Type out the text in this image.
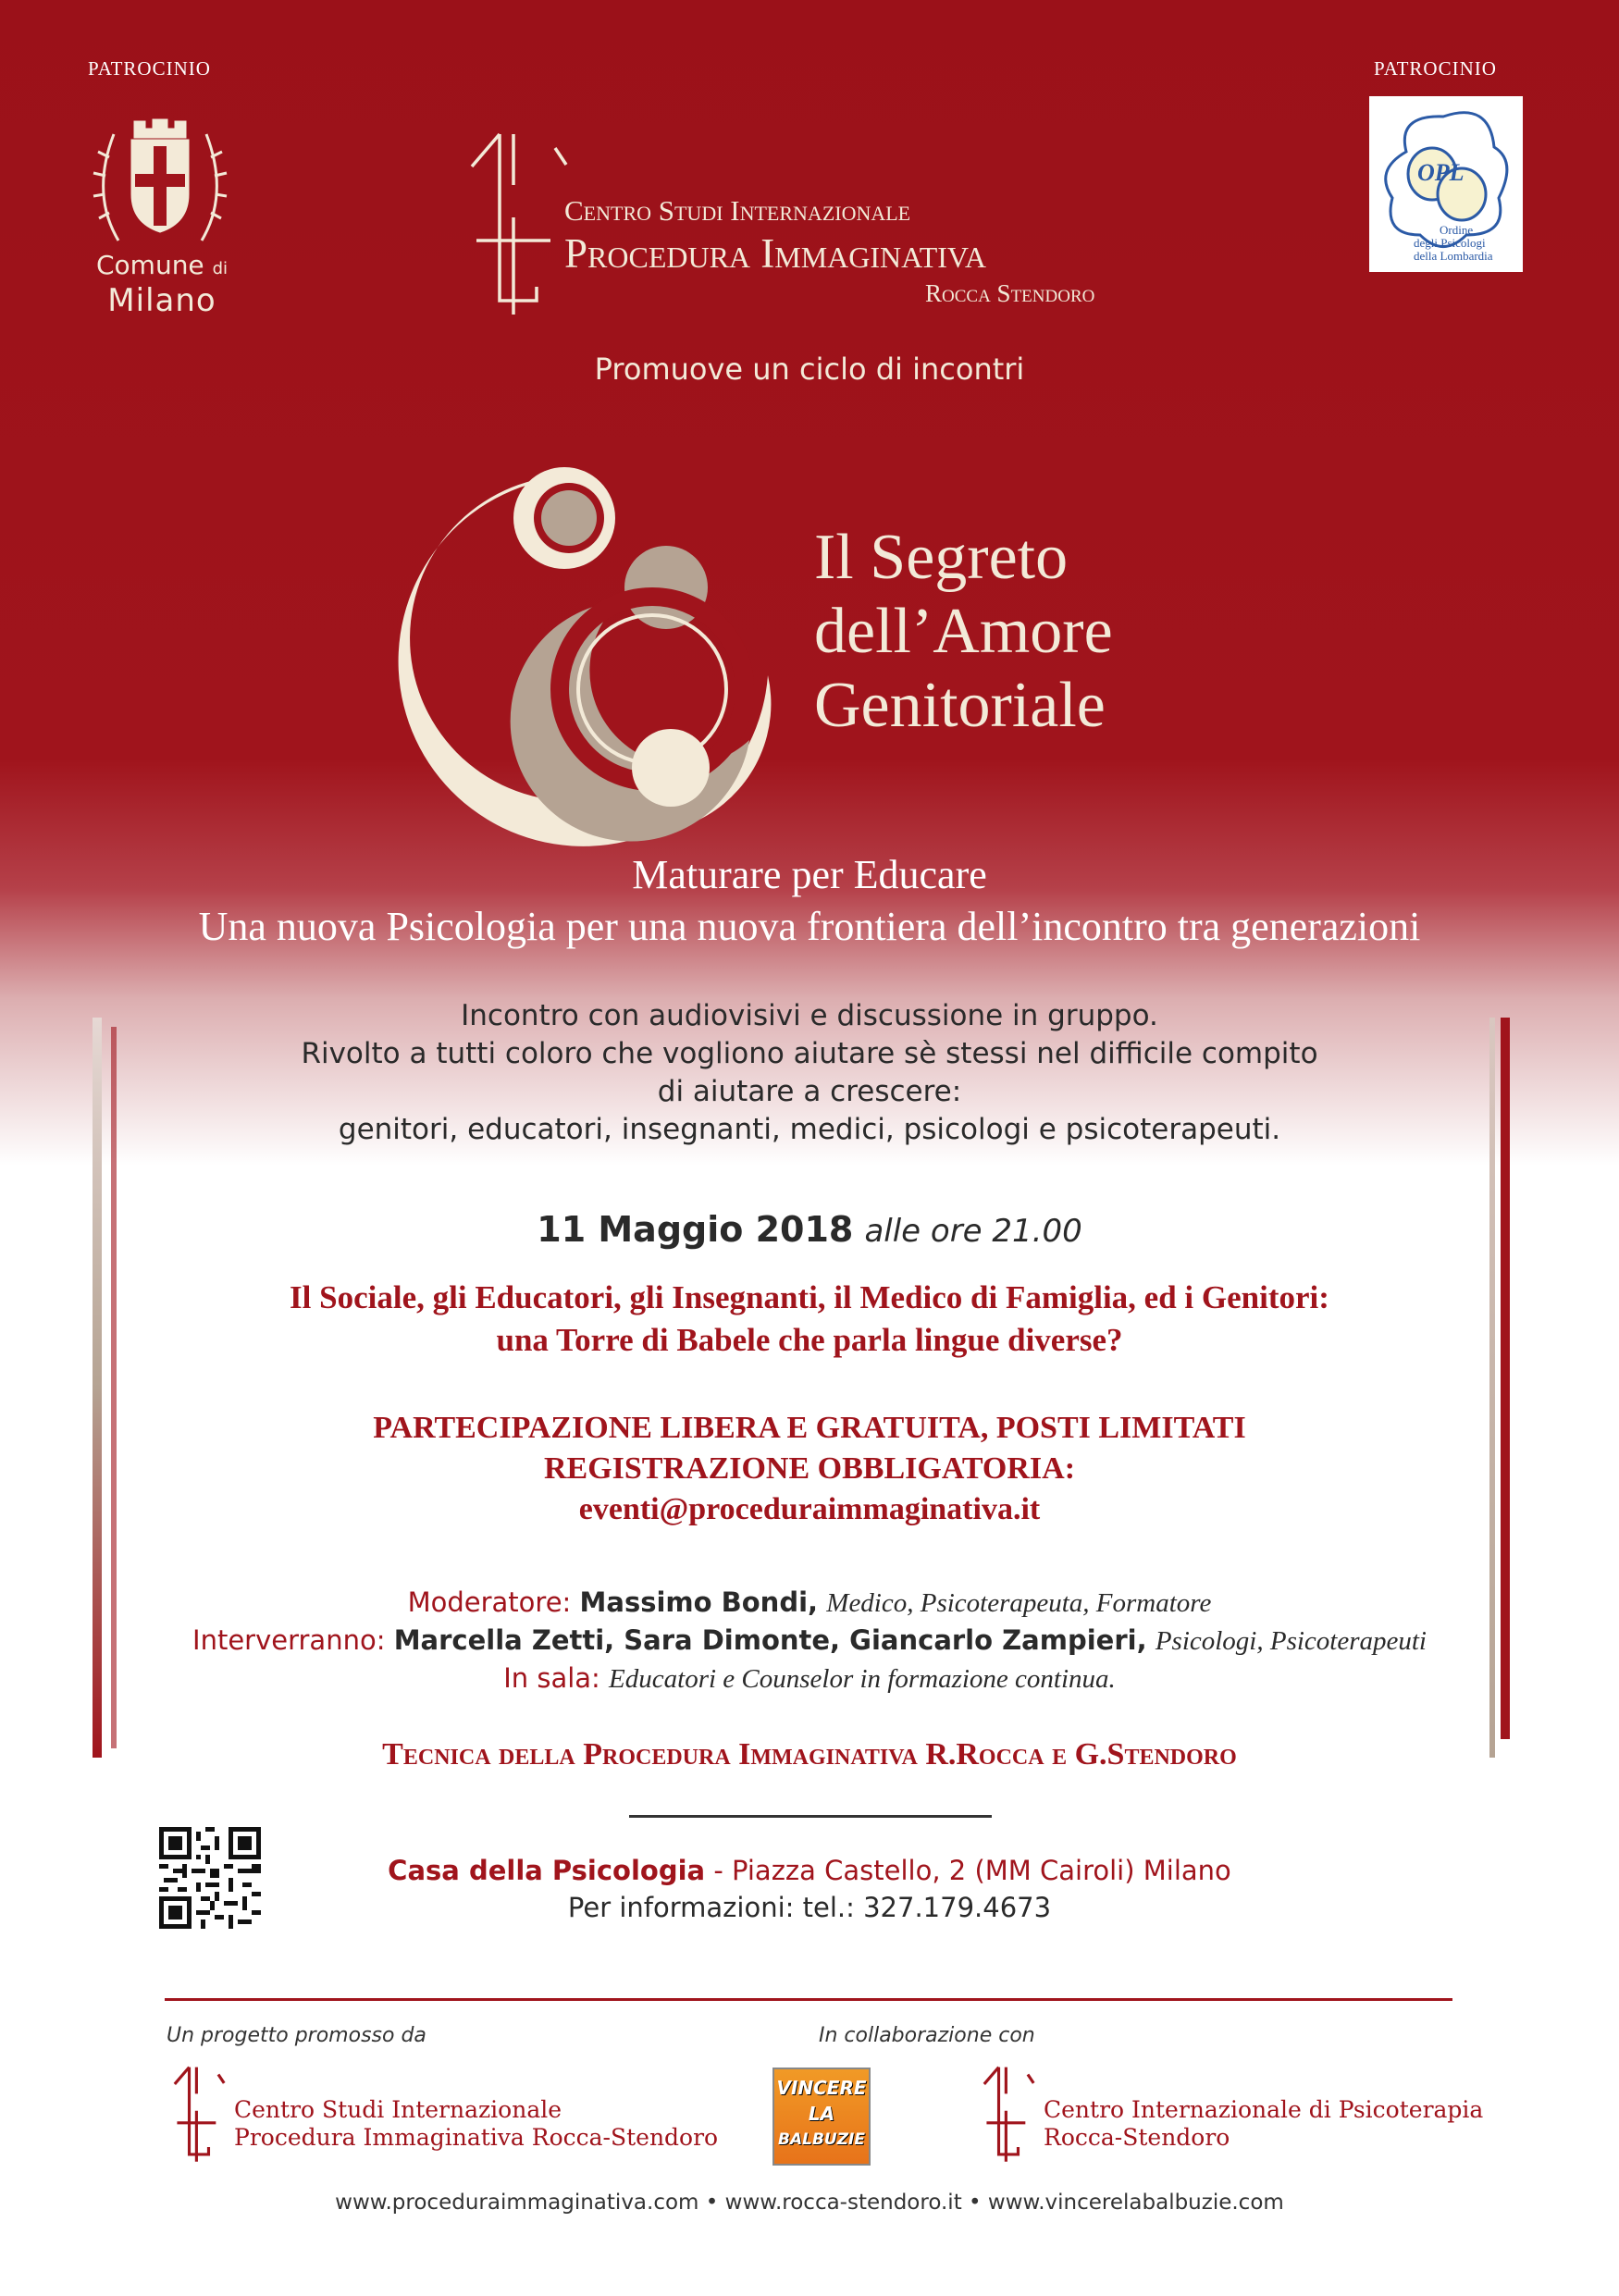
PATROCINIO	PATROCINIO
Comune di
Milano
Centro Studi Internazionale
Procedura Immaginativa
Rocca Stendoro
OPL
Ordine
degli Psicologi
della Lombardia
Promuove un ciclo di incontri
Il Segreto
dell’Amore
Genitoriale
Maturare per Educare
Una nuova Psicologia per una nuova frontiera dell’incontro tra generazioni
Incontro con audiovisivi e discussione in gruppo.
Rivolto a tutti coloro che vogliono aiutare sè stessi nel difficile compito
di aiutare a crescere:
genitori, educatori, insegnanti, medici, psicologi e psicoterapeuti.
11 Maggio 2018 alle ore 21.00
Il Sociale, gli Educatori, gli Insegnanti, il Medico di Famiglia, ed i Genitori:
una Torre di Babele che parla lingue diverse?
PARTECIPAZIONE LIBERA E GRATUITA, POSTI LIMITATI
REGISTRAZIONE OBBLIGATORIA:
eventi@proceduraimmaginativa.it
Moderatore: Massimo Bondi, Medico, Psicoterapeuta, Formatore
Interverranno: Marcella Zetti, Sara Dimonte, Giancarlo Zampieri, Psicologi, Psicoterapeuti
In sala: Educatori e Counselor in formazione continua.
Tecnica della Procedura Immaginativa R.Rocca e G.Stendoro
Casa della Psicologia - Piazza Castello, 2 (MM Cairoli) Milano
Per informazioni: tel.: 327.179.4673
Un progetto promosso da	In collaborazione con
Centro Studi Internazionale
Procedura Immaginativa Rocca-Stendoro
VINCERE
LA
BALBUZIE
Centro Internazionale di Psicoterapia
Rocca-Stendoro
www.proceduraimmaginativa.com • www.rocca-stendoro.it • www.vincerelabalbuzie.com
